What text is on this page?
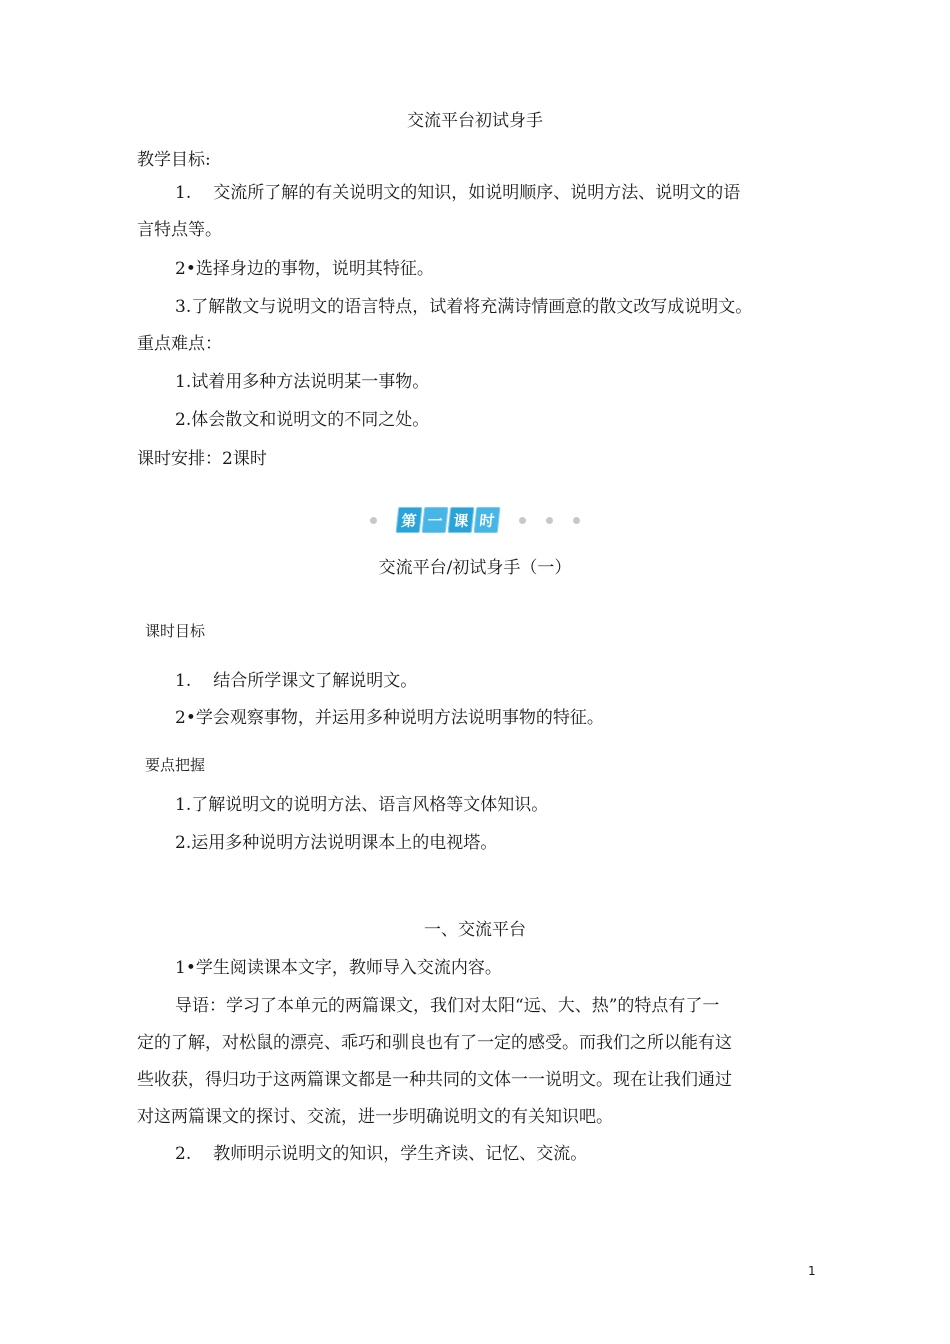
交流平台初试身手

教学目标:

1. 交流所了解的有关说明文的知识，如说明顺序、说明方法、说明文的语

言特点等。

2•选择身边的事物，说明其特征。

3.了解散文与说明文的语言特点，试着将充满诗情画意的散文改写成说明文。

重点难点：

1.试着用多种方法说明某一事物。

2.体会散文和说明文的不同之处。

课时安排：2课时

第 一 课 时

交流平台/初试身手（一）

课时目标

1. 结合所学课文了解说明文。

2•学会观察事物，并运用多种说明方法说明事物的特征。

要点把握

1.了解说明文的说明方法、语言风格等文体知识。

2.运用多种说明方法说明课本上的电视塔。

一、交流平台

1•学生阅读课本文字，教师导入交流内容。

导语：学习了本单元的两篇课文，我们对太阳“远、大、热”的特点有了一

定的了解，对松鼠的漂亮、乖巧和驯良也有了一定的感受。而我们之所以能有这

些收获，得归功于这两篇课文都是一种共同的文体一一说明文。现在让我们通过

对这两篇课文的探讨、交流，进一步明确说明文的有关知识吧。

2. 教师明示说明文的知识，学生齐读、记忆、交流。

1
